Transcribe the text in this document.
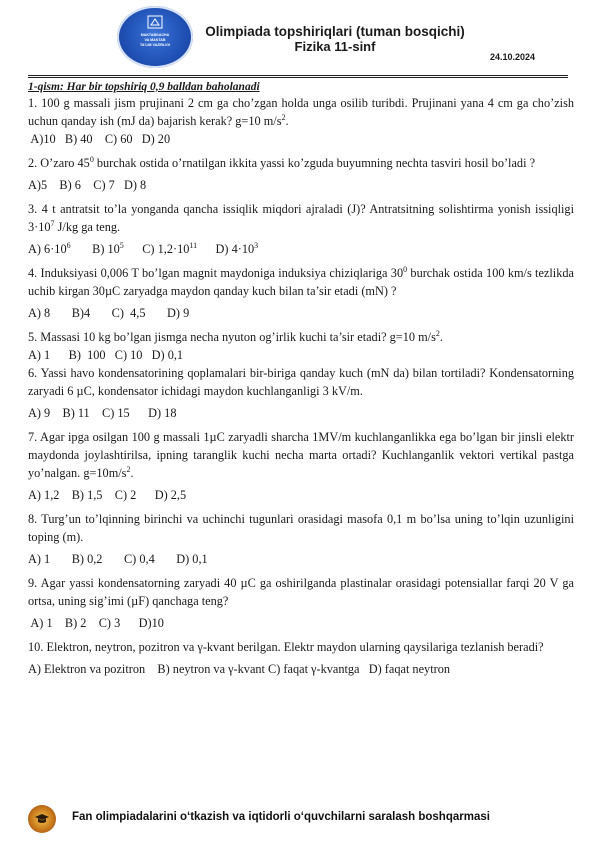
MAKTABGACHA
VA MAKTAB
TA'LIM VAZIRLIGI
Olimpiada topshiriqlari (tuman bosqichi)
Fizika 11-sinf
24.10.2024
1-qism: Har bir topshiriq 0,9 balldan baholanadi

1. 100 g massali jism prujinani 2 cm ga cho’zgan holda unga osilib turibdi. Prujinani yana 4 cm ga cho’zish uchun qanday ish (mJ da) bajarish kerak? g=10 $m/s^2$.

A)10   B) 40    C) 60   D) 20

2. O’zaro $45^0$ burchak ostida o’rnatilgan ikkita yassi ko’zguda buyumning nechta tasviri hosil bo’ladi ?

A)5    B) 6    C) 7   D) 8

3. 4 t antratsit to’la yonganda qancha issiqlik miqdori ajraladi (J)? Antratsitning solishtirma yonish issiqligi $3\cdot 10^7$ J/kg ga teng.

A) $6\cdot 10^6$       B) $10^5$      C) $1,2\cdot 10^{11}$      D) $4\cdot 10^3$

4. Induksiyasi 0,006 T bo’lgan magnit maydoniga induksiya chiziqlariga $30^0$ burchak ostida 100 km/s tezlikda uchib kirgan 30µC zaryadga maydon qanday kuch bilan ta’sir etadi (mN) ?

A) 8       B)4       C)  4,5       D) 9

5. Massasi 10 kg bo’lgan jismga necha nyuton og’irlik kuchi ta’sir etadi? g=10 $m/s^2$.

A) 1      B)  100   C) 10   D) 0,1

6. Yassi havo kondensatorining qoplamalari bir-biriga qanday kuch (mN da) bilan tortiladi? Kondensatorning zaryadi 6 µC, kondensator ichidagi maydon kuchlanganligi 3 kV/m.

A) 9    B) 11    C) 15      D) 18

7. Agar ipga osilgan 100 g massali 1µC zaryadli sharcha 1MV/m kuchlanganlikka ega bo’lgan bir jinsli elektr maydonda joylashtirilsa, ipning taranglik kuchi necha marta ortadi? Kuchlanganlik vektori vertikal pastga yo’nalgan. $g=10m/s^2$.

A) 1,2    B) 1,5    C) 2      D) 2,5

8. Turg’un to’lqinning birinchi va uchinchi tugunlari orasidagi masofa 0,1 m bo’lsa uning to’lqin uzunligini toping (m).

A) 1       B) 0,2       C) 0,4       D) 0,1

9. Agar yassi kondensatorning zaryadi 40 µC ga oshirilganda plastinalar orasidagi potensiallar farqi 20 V ga ortsa, uning sig’imi (µF) qanchaga teng?

A) 1    B) 2    C) 3      D)10

10. Elektron, neytron, pozitron va γ-kvant berilgan. Elektr maydon ularning qaysilariga tezlanish beradi?

A) Elektron va pozitron    B) neytron va γ-kvant C) faqat γ-kvantga   D) faqat neytron

Fan olimpiadalarini o‘tkazish va iqtidorli o‘quvchilarni saralash boshqarmasi
